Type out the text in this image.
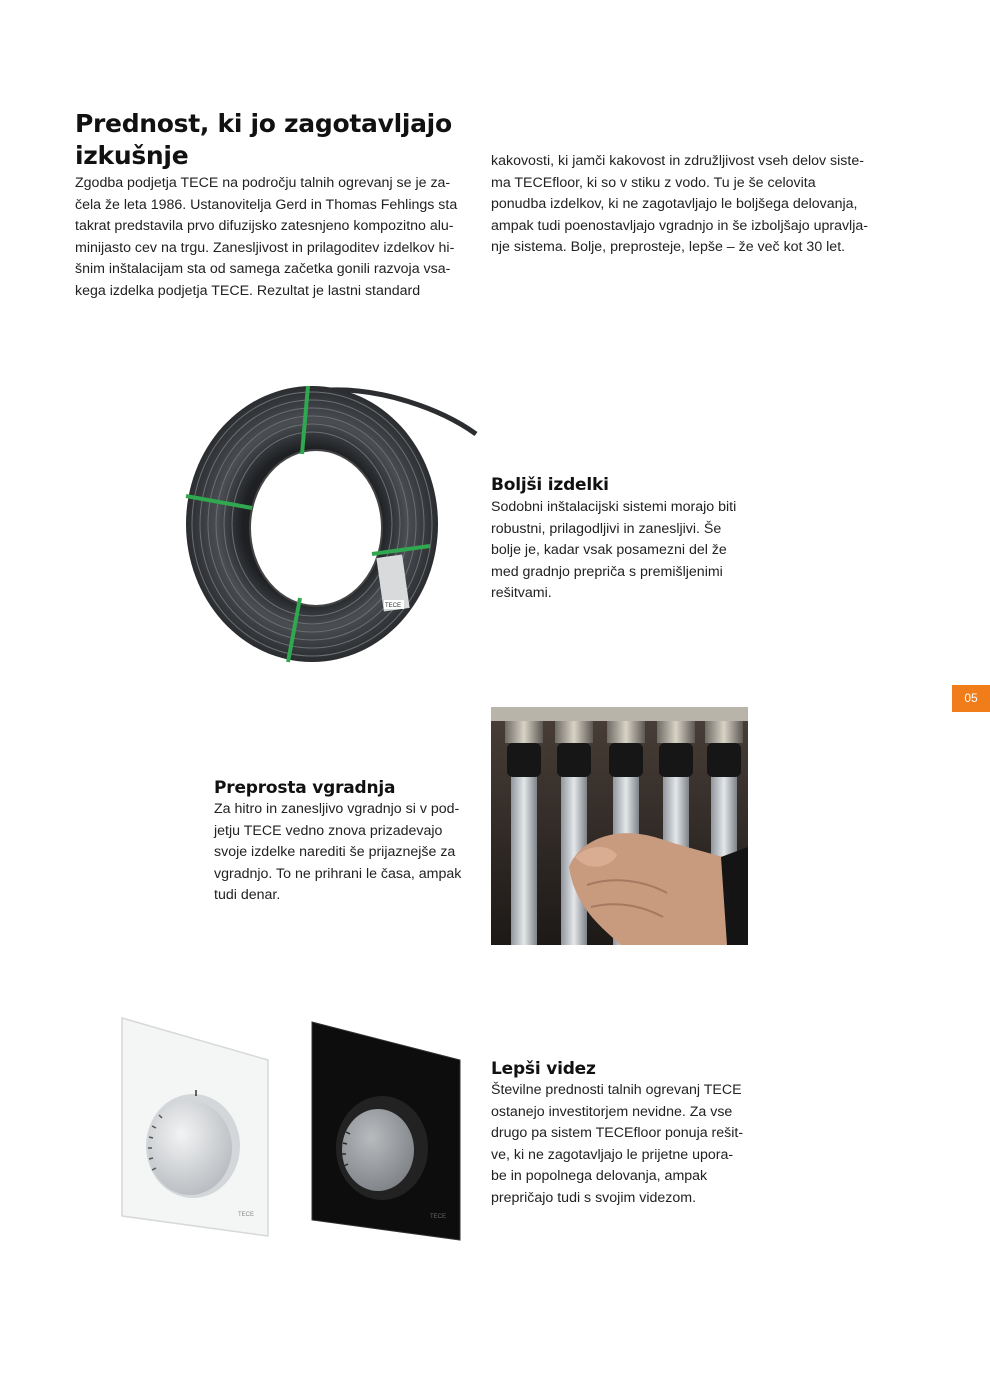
Prednost, ki jo zagotavljajo izkušnje

Zgodba podjetja TECE na področju talnih ogrevanj se je za-

čela že leta 1986. Ustanovitelja Gerd in Thomas Fehlings sta

takrat predstavila prvo difuzijsko zatesnjeno kompozitno alu-

minijasto cev na trgu. Zanesljivost in prilagoditev izdelkov hi-

šnim inštalacijam sta od samega začetka gonili razvoja vsa-

kega izdelka podjetja TECE. Rezultat je lastni standard

kakovosti, ki jamči kakovost in združljivost vseh delov siste-

ma TECEfloor, ki so v stiku z vodo. Tu je še celovita

ponudba izdelkov, ki ne zagotavljajo le boljšega delovanja,

ampak tudi poenostavljajo vgradnjo in še izboljšajo upravlja-

nje sistema. Bolje, preprosteje, lepše – že več kot 30 let.

TECE
Boljši izdelki

Sodobni inštalacijski sistemi morajo biti

robustni, prilagodljivi in zanesljivi. Še

bolje je, kadar vsak posamezni del že

med gradnjo prepriča s premišljenimi

rešitvami.

05
Preprosta vgradnja

Za hitro in zanesljivo vgradnjo si v pod-

jetju TECE vedno znova prizadevajo

svoje izdelke narediti še prijaznejše za

vgradnjo. To ne prihrani le časa, ampak

tudi denar.

TECE	TECE
Lepši videz

Številne prednosti talnih ogrevanj TECE

ostanejo investitorjem nevidne. Za vse

drugo pa sistem TECEfloor ponuja rešit-

ve, ki ne zagotavljajo le prijetne upora-

be in popolnega delovanja, ampak

prepričajo tudi s svojim videzom.
